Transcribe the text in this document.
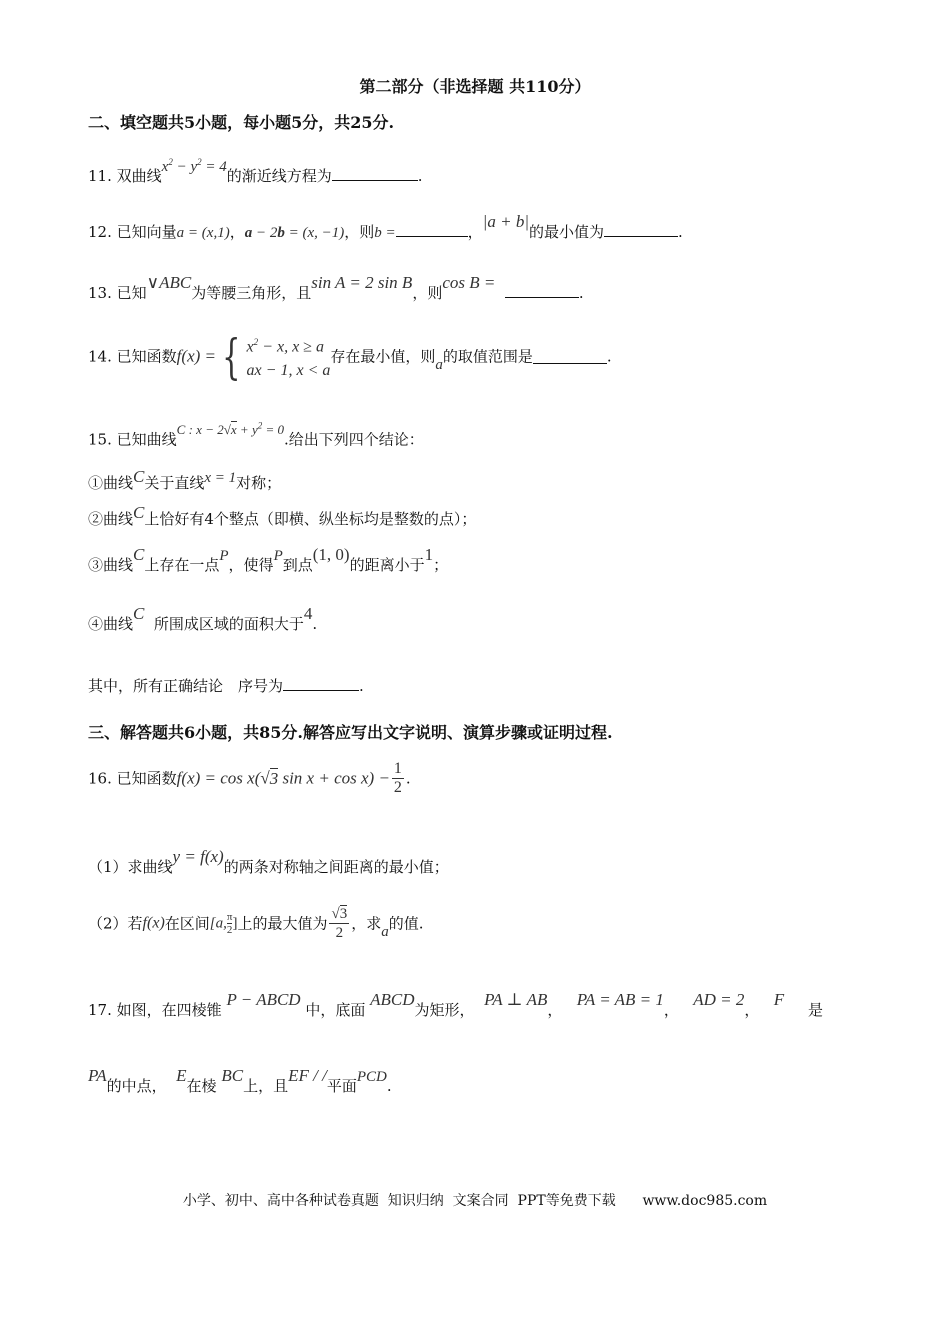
第二部分（非选择题 共110分）
二、填空题共5小题，每小题5分，共25分.
11. 双曲线$x^2 - y^2 = 4$的渐近线方程为	.
12. 已知向量a = (x,1)，a − 2b = (x, −1)，则b =	，|a + b|的最小值为	.
13. 已知∨ABC为等腰三角形，且sin A = 2 sin B，则cos B =  .
14. 已知函数f(x) = { $x^2 - x$, x ≥ a
ax − 1, x < a
存在最小值，则a的取值范围是	.
15. 已知曲线C : $x - 2√x + y^2 = 0$.给出下列四个结论：
①曲线C关于直线x = 1对称；
②曲线C上恰好有4个整点（即横、纵坐标均是整数的点）；
③曲线C上存在一点P，使得P到点(1, 0)的距离小于1；
④曲线C  所围成区域的面积大于4.
其中，所有正确结论　序号为	.
三、解答题共6小题，共85分.解答应写出文字说明、演算步骤或证明过程.
16. 已知函数f(x) = cos x(√3 $\sin x + \cos x) - \frac{1}{2}$ .
（1）求曲线y = f(x)的两条对称轴之间距离的最小值；
（2）若f(x)在区间[a, $\frac{\pi}{2}$ ]上的最大值为 $\frac{√3}{2}$ ，求a的值.
17. 如图，在四棱锥 P − ABCD 中，底面 ABCD为矩形，  PA ⊥ AB，   PA = AB = 1，   AD = 2，   F     是
PA的中点，  E在棱 BC上，且EF / /平面PCD.
小学、初中、高中各种试卷真题  知识归纳  文案合同  PPT等免费下载      www.doc985.com
